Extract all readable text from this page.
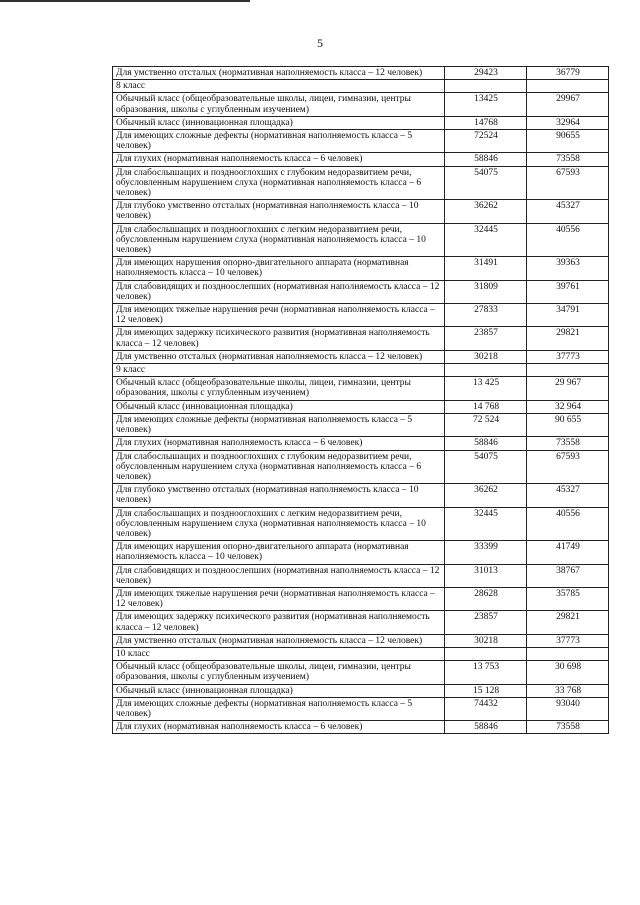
5
Для умственно отсталых (нормативная наполняемость класса – 12 человек)	29423	36779
8 класс		
Обычный класс (общеобразовательные школы, лицеи, гимназии, центры образования, школы с углубленным изучением)	13425	29967
Обычный класс (инновационная площадка)	14768	32964
Для имеющих сложные дефекты (нормативная наполняемость класса – 5 человек)	72524	90655
Для глухих (нормативная наполняемость класса – 6 человек)	58846	73558
Для слабослышащих и позднооглохших с глубоким недоразвитием речи, обусловленным нарушением слуха (нормативная наполняемость класса – 6 человек)	54075	67593
Для глубоко умственно отсталых (нормативная наполняемость класса – 10 человек)	36262	45327
Для слабослышащих и позднооглохших с легким недоразвитием речи, обусловленным нарушением слуха (нормативная наполняемость класса – 10 человек)	32445	40556
Для имеющих нарушения опорно-двигательного аппарата (нормативная наполняемость класса – 10 человек)	31491	39363
Для слабовидящих и поздноослепших (нормативная наполняемость класса – 12 человек)	31809	39761
Для имеющих тяжелые нарушения речи (нормативная наполняемость класса – 12 человек)	27833	34791
Для имеющих задержку психического развития (нормативная наполняемость класса – 12 человек)	23857	29821
Для умственно отсталых (нормативная наполняемость класса – 12 человек)	30218	37773
9 класс		
Обычный класс (общеобразовательные школы, лицеи, гимназии, центры образования, школы с углубленным изучением)	13 425	29 967
Обычный класс (инновационная площадка)	14 768	32 964
Для имеющих сложные дефекты (нормативная наполняемость класса – 5 человек)	72 524	90 655
Для глухих (нормативная наполняемость класса – 6 человек)	58846	73558
Для слабослышащих и позднооглохших с глубоким недоразвитием речи, обусловленным нарушением слуха (нормативная наполняемость класса – 6 человек)	54075	67593
Для глубоко умственно отсталых (нормативная наполняемость класса – 10 человек)	36262	45327
Для слабослышащих и позднооглохших с легким недоразвитием речи, обусловленным нарушением слуха (нормативная наполняемость класса – 10 человек)	32445	40556
Для имеющих нарушения опорно-двигательного аппарата (нормативная наполняемость класса – 10 человек)	33399	41749
Для слабовидящих и поздноослепших (нормативная наполняемость класса – 12 человек)	31013	38767
Для имеющих тяжелые нарушения речи (нормативная наполняемость класса – 12 человек)	28628	35785
Для имеющих задержку психического развития (нормативная наполняемость класса – 12 человек)	23857	29821
Для умственно отсталых (нормативная наполняемость класса – 12 человек)	30218	37773
10 класс		
Обычный класс (общеобразовательные школы, лицеи, гимназии, центры образования, школы с углубленным изучением)	13 753	30 698
Обычный класс (инновационная площадка)	15 128	33 768
Для имеющих сложные дефекты (нормативная наполняемость класса – 5 человек)	74432	93040
Для глухих (нормативная наполняемость класса – 6 человек)	58846	73558
